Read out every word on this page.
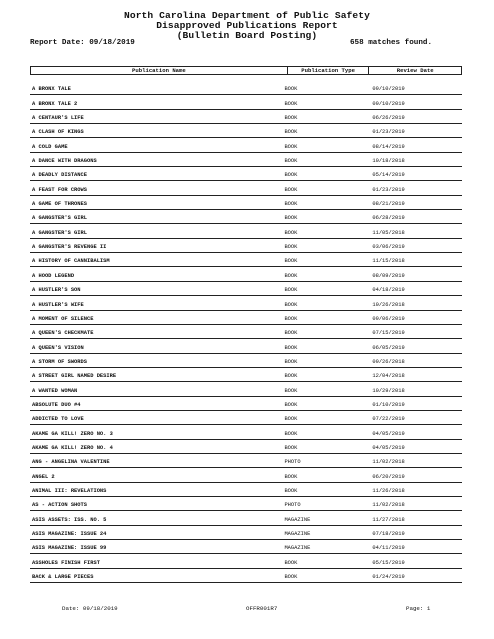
North Carolina Department of Public Safety
Disapproved Publications Report
(Bulletin Board Posting)
Report Date: 09/18/2019	658 matches found.
Publication Name	Publication Type	Review Date
A BRONX TALE	BOOK	09/10/2019
A BRONX TALE 2	BOOK	09/10/2019
A CENTAUR'S LIFE	BOOK	06/26/2019
A CLASH OF KINGS	BOOK	01/23/2019
A COLD GAME	BOOK	08/14/2019
A DANCE WITH DRAGONS	BOOK	10/18/2018
A DEADLY DISTANCE	BOOK	05/14/2019
A FEAST FOR CROWS	BOOK	01/23/2019
A GAME OF THRONES	BOOK	08/21/2019
A GANGSTER'S GIRL	BOOK	06/28/2019
A GANGSTER'S GIRL	BOOK	11/05/2018
A GANGSTER'S REVENGE II	BOOK	03/06/2019
A HISTORY OF CANNIBALISM	BOOK	11/15/2018
A HOOD LEGEND	BOOK	08/09/2019
A HUSTLER'S SON	BOOK	04/18/2019
A HUSTLER'S WIFE	BOOK	10/26/2018
A MOMENT OF SILENCE	BOOK	09/06/2019
A QUEEN'S CHECKMATE	BOOK	07/15/2019
A QUEEN'S VISION	BOOK	06/05/2019
A STORM OF SWORDS	BOOK	09/26/2018
A STREET GIRL NAMED DESIRE	BOOK	12/04/2018
A WANTED WOMAN	BOOK	10/29/2018
ABSOLUTE DUO #4	BOOK	01/10/2019
ADDICTED TO LOVE	BOOK	07/22/2019
AKAME GA KILL! ZERO NO. 3	BOOK	04/05/2019
AKAME GA KILL! ZERO NO. 4	BOOK	04/05/2019
ANG - ANGELINA VALENTINE	PHOTO	11/02/2018
ANGEL 2	BOOK	06/20/2019
ANIMAL III: REVELATIONS	BOOK	11/26/2018
AS - ACTION SHOTS	PHOTO	11/02/2018
ASIS ASSETS: ISS. NO. 5	MAGAZINE	11/27/2018
ASIS MAGAZINE: ISSUE 24	MAGAZINE	07/18/2019
ASIS MAGAZINE: ISSUE 99	MAGAZINE	04/11/2019
ASSHOLES FINISH FIRST	BOOK	05/15/2019
BACK & LARGE PIECES	BOOK	01/24/2019
Date: 09/18/2019	OFFR001R7	Page: 1
